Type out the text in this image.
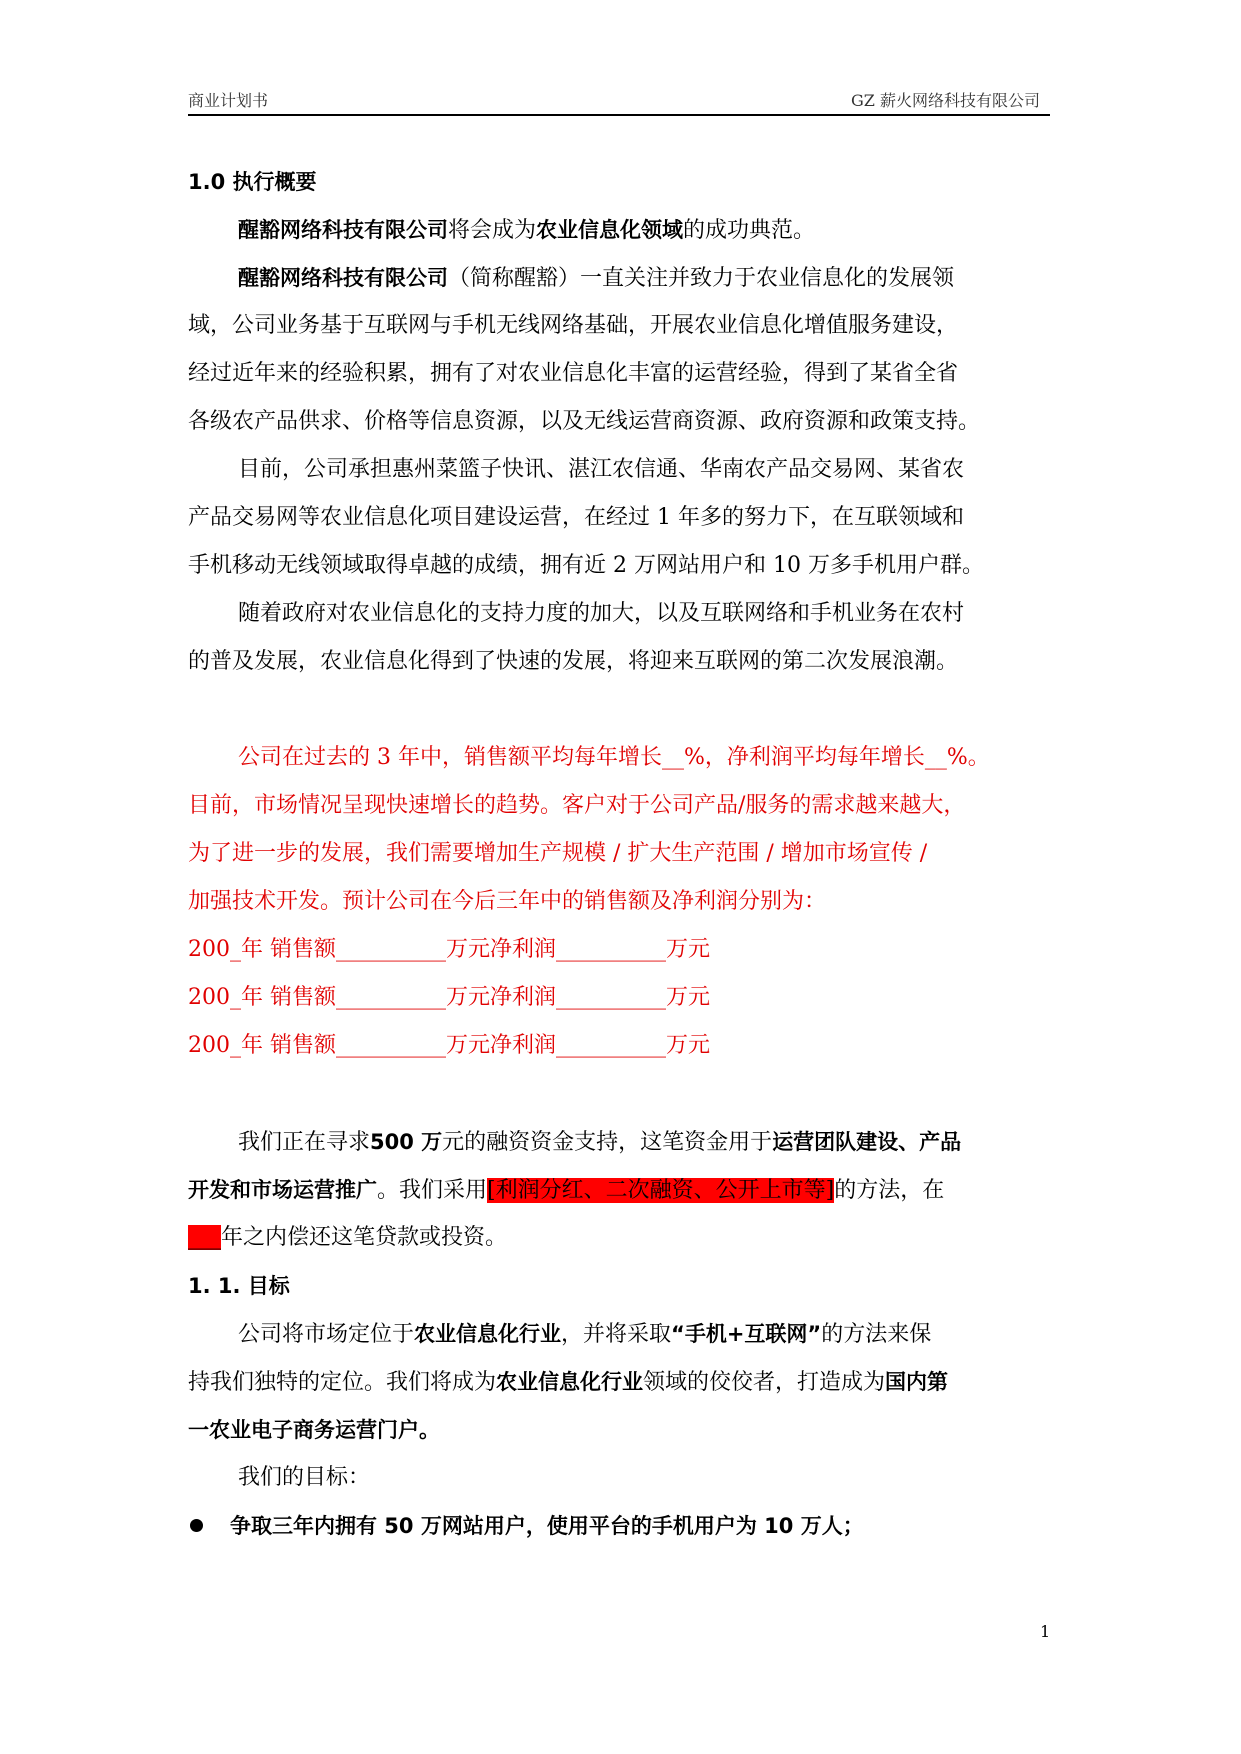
商业计划书	GZ 薪火网络科技有限公司
1.0 执行概要
醒豁网络科技有限公司将会成为农业信息化领域的成功典范。
醒豁网络科技有限公司（简称醒豁）一直关注并致力于农业信息化的发展领
域，公司业务基于互联网与手机无线网络基础，开展农业信息化增值服务建设，
经过近年来的经验积累，拥有了对农业信息化丰富的运营经验，得到了某省全省
各级农产品供求、价格等信息资源，以及无线运营商资源、政府资源和政策支持。
目前，公司承担惠州菜篮子快讯、湛江农信通、华南农产品交易网、某省农
产品交易网等农业信息化项目建设运营，在经过 1 年多的努力下，在互联领域和
手机移动无线领域取得卓越的成绩，拥有近 2 万网站用户和 10 万多手机用户群。
随着政府对农业信息化的支持力度的加大，以及互联网络和手机业务在农村
的普及发展，农业信息化得到了快速的发展，将迎来互联网的第二次发展浪潮。
公司在过去的 3 年中，销售额平均每年增长__%，净利润平均每年增长__%。
目前，市场情况呈现快速增长的趋势。客户对于公司产品/服务的需求越来越大，
为了进一步的发展，我们需要增加生产规模 / 扩大生产范围 / 增加市场宣传 /
加强技术开发。预计公司在今后三年中的销售额及净利润分别为：
200_年 销售额__________万元净利润__________万元
200_年 销售额__________万元净利润__________万元
200_年 销售额__________万元净利润__________万元
我们正在寻求500 万元的融资资金支持，这笔资金用于运营团队建设、产品
开发和市场运营推广。我们采用[利润分红、二次融资、公开上市等]的方法，在
___年之内偿还这笔贷款或投资。
1. 1. 目标
公司将市场定位于农业信息化行业，并将采取“手机+互联网”的方法来保
持我们独特的定位。我们将成为农业信息化行业领域的佼佼者，打造成为国内第
一农业电子商务运营门户。
我们的目标：
争取三年内拥有 50 万网站用户，使用平台的手机用户为 10 万人；
1
